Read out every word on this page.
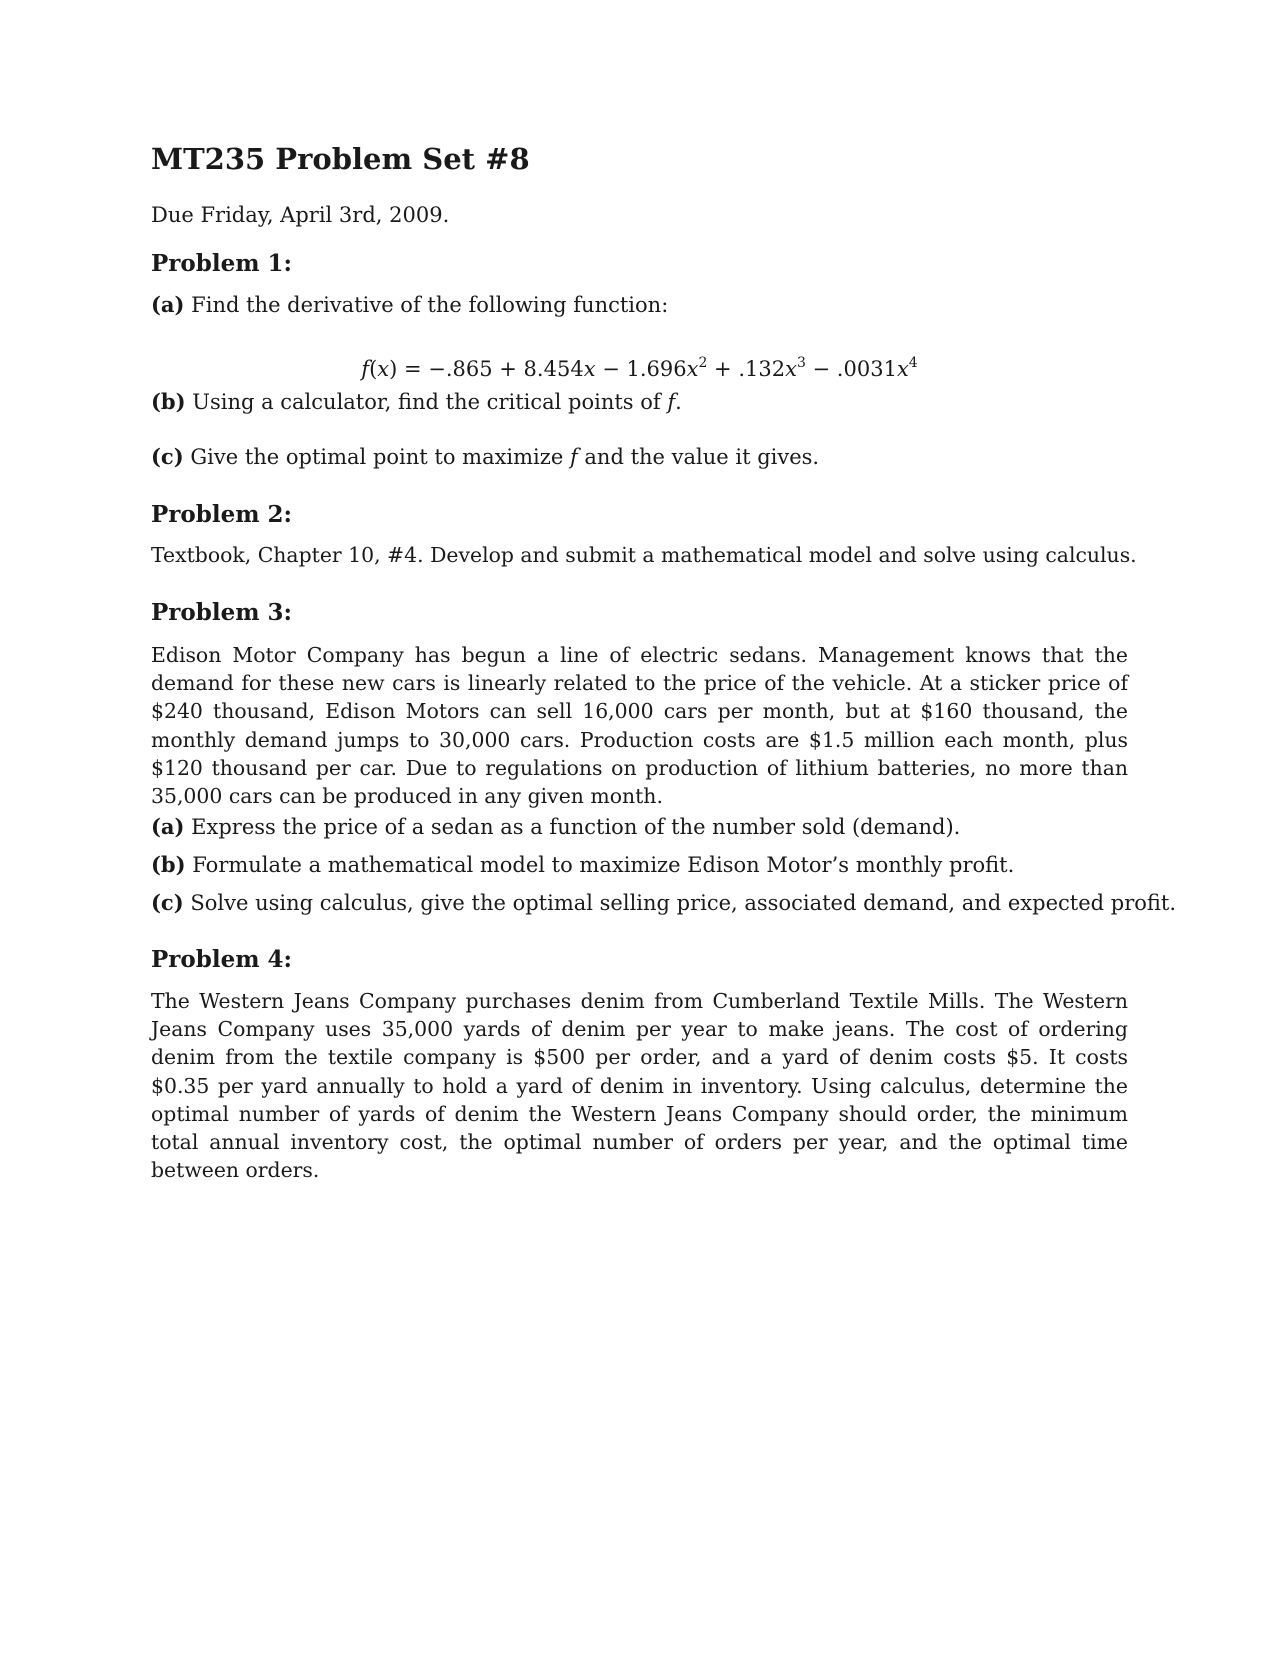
MT235 Problem Set #8

Due Friday, April 3rd, 2009.

Problem 1:

(a) Find the derivative of the following function:

$f(x) = -.865 + 8.454x - 1.696x^2 + .132x^3 - .0031x^4$

(b) Using a calculator, find the critical points of f.

(c) Give the optimal point to maximize f and the value it gives.

Problem 2:

Textbook, Chapter 10, #4. Develop and submit a mathematical model and solve using calculus.

Problem 3:

Edison Motor Company has begun a line of electric sedans. Management knows that the demand for these new cars is linearly related to the price of the vehicle. At a sticker price of $240 thousand, Edison Motors can sell 16,000 cars per month, but at $160 thousand, the monthly demand jumps to 30,000 cars. Production costs are $1.5 million each month, plus $120 thousand per car. Due to regulations on production of lithium batteries, no more than 35,000 cars can be produced in any given month.

(a) Express the price of a sedan as a function of the number sold (demand).

(b) Formulate a mathematical model to maximize Edison Motor’s monthly profit.

(c) Solve using calculus, give the optimal selling price, associated demand, and expected profit.

Problem 4:

The Western Jeans Company purchases denim from Cumberland Textile Mills. The Western Jeans Company uses 35,000 yards of denim per year to make jeans. The cost of ordering denim from the textile company is $500 per order, and a yard of denim costs $5. It costs $0.35 per yard annually to hold a yard of denim in inventory. Using calculus, determine the optimal number of yards of denim the Western Jeans Company should order, the minimum total annual inventory cost, the optimal number of orders per year, and the optimal time between orders.
